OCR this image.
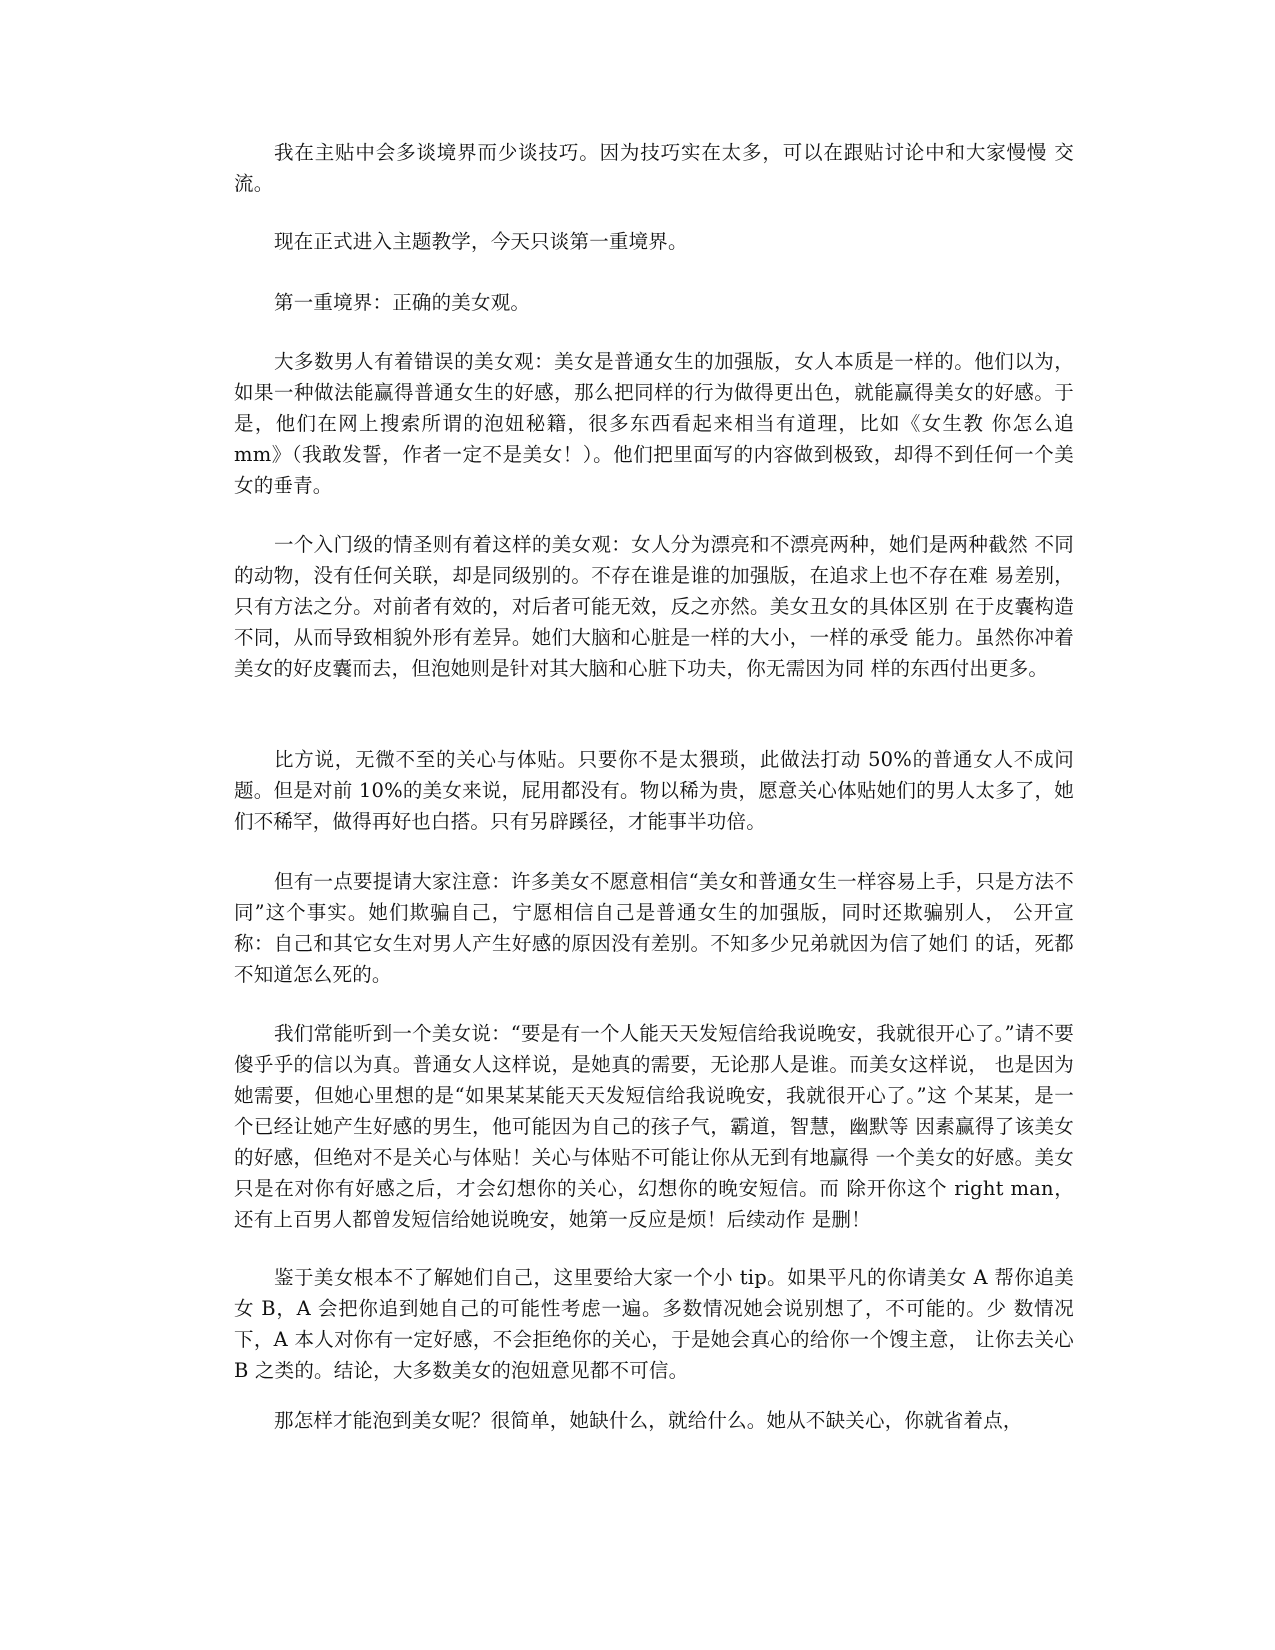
我在主贴中会多谈境界而少谈技巧。因为技巧实在太多，可以在跟贴讨论中和大家慢慢 交流。

现在正式进入主题教学，今天只谈第一重境界。

第一重境界：正确的美女观。

大多数男人有着错误的美女观：美女是普通女生的加强版，女人本质是一样的。他们以为，如果一种做法能赢得普通女生的好感，那么把同样的行为做得更出色，就能赢得美女的好感。于是，他们在网上搜索所谓的泡妞秘籍，很多东西看起来相当有道理，比如《女生教 你怎么追 mm》（我敢发誓，作者一定不是美女！）。他们把里面写的内容做到极致，却得不到任何一个美女的垂青。

一个入门级的情圣则有着这样的美女观：女人分为漂亮和不漂亮两种，她们是两种截然 不同的动物，没有任何关联，却是同级别的。不存在谁是谁的加强版，在追求上也不存在难 易差别，只有方法之分。对前者有效的，对后者可能无效，反之亦然。美女丑女的具体区别 在于皮囊构造不同，从而导致相貌外形有差异。她们大脑和心脏是一样的大小，一样的承受 能力。虽然你冲着美女的好皮囊而去，但泡她则是针对其大脑和心脏下功夫，你无需因为同 样的东西付出更多。

比方说，无微不至的关心与体贴。只要你不是太猥琐，此做法打动 50%的普通女人不成问题。但是对前 10%的美女来说，屁用都没有。物以稀为贵，愿意关心体贴她们的男人太多了，她们不稀罕，做得再好也白搭。只有另辟蹊径，才能事半功倍。

但有一点要提请大家注意：许多美女不愿意相信“美女和普通女生一样容易上手，只是方法不同”这个事实。她们欺骗自己，宁愿相信自己是普通女生的加强版，同时还欺骗别人， 公开宣称：自己和其它女生对男人产生好感的原因没有差别。不知多少兄弟就因为信了她们 的话，死都不知道怎么死的。

我们常能听到一个美女说：“要是有一个人能天天发短信给我说晚安，我就很开心了。”请不要傻乎乎的信以为真。普通女人这样说，是她真的需要，无论那人是谁。而美女这样说， 也是因为她需要，但她心里想的是“如果某某能天天发短信给我说晚安，我就很开心了。”这 个某某，是一个已经让她产生好感的男生，他可能因为自己的孩子气，霸道，智慧，幽默等 因素赢得了该美女的好感，但绝对不是关心与体贴！关心与体贴不可能让你从无到有地赢得 一个美女的好感。美女只是在对你有好感之后，才会幻想你的关心，幻想你的晚安短信。而 除开你这个 right man，还有上百男人都曾发短信给她说晚安，她第一反应是烦！后续动作 是删！

鉴于美女根本不了解她们自己，这里要给大家一个小 tip。如果平凡的你请美女 A 帮你追美女 B，A 会把你追到她自己的可能性考虑一遍。多数情况她会说别想了，不可能的。少 数情况下，A 本人对你有一定好感，不会拒绝你的关心，于是她会真心的给你一个馊主意， 让你去关心 B 之类的。结论，大多数美女的泡妞意见都不可信。

那怎样才能泡到美女呢？很简单，她缺什么，就给什么。她从不缺关心，你就省着点，
